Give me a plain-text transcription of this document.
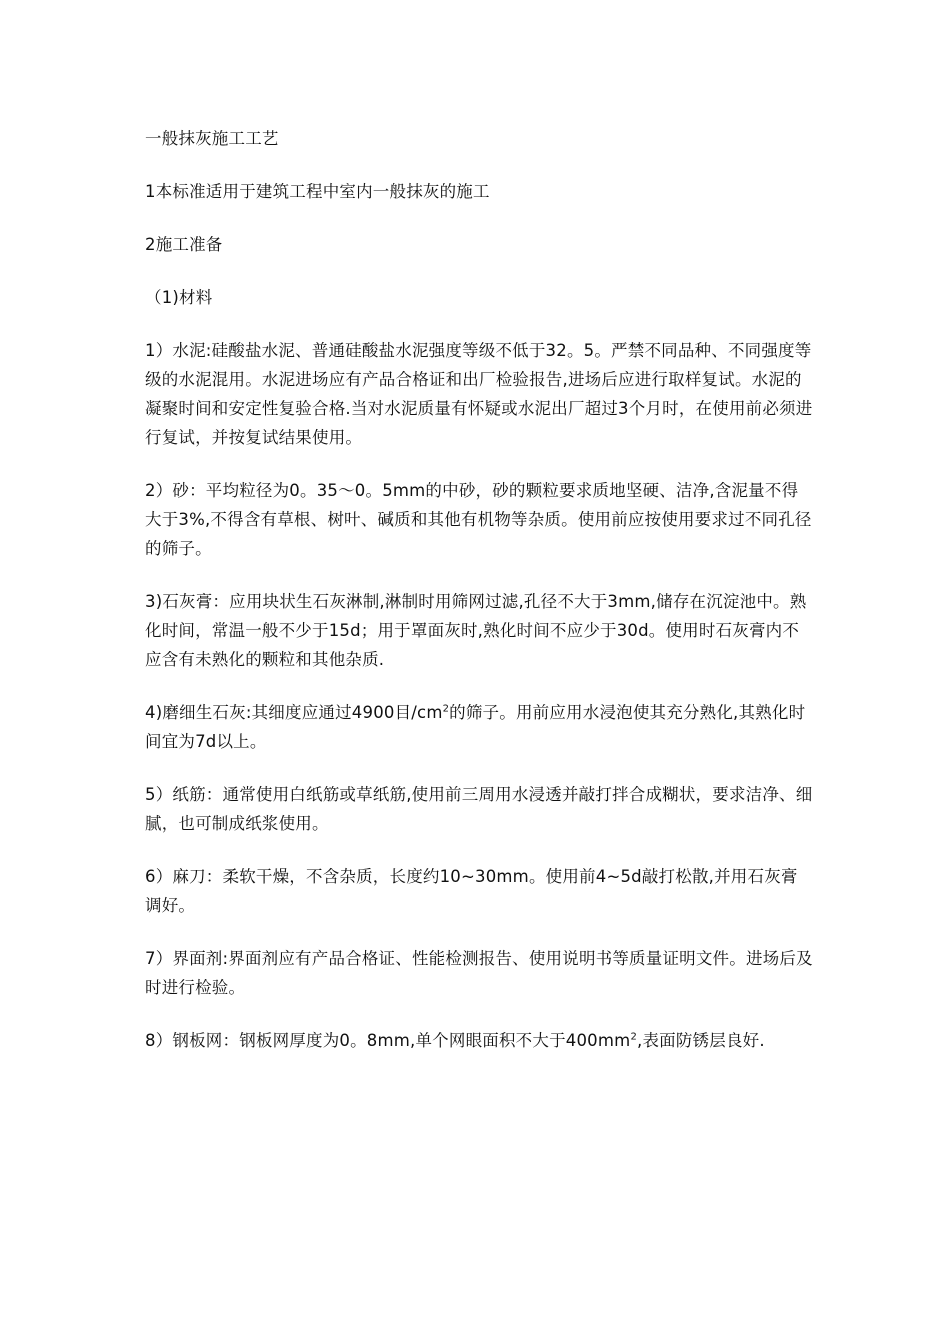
一般抹灰施工工艺

1本标准适用于建筑工程中室内一般抹灰的施工

2施工准备

（1)材料

1）水泥:硅酸盐水泥、普通硅酸盐水泥强度等级不低于32。5。严禁不同品种、不同强度等级的水泥混用。水泥进场应有产品合格证和出厂检验报告,进场后应进行取样复试。水泥的凝聚时间和安定性复验合格.当对水泥质量有怀疑或水泥出厂超过3个月时，在使用前必须进行复试，并按复试结果使用。

2）砂：平均粒径为0。35～0。5mm的中砂，砂的颗粒要求质地坚硬、洁净,含泥量不得大于3%,不得含有草根、树叶、碱质和其他有机物等杂质。使用前应按使用要求过不同孔径的筛子。

3)石灰膏：应用块状生石灰淋制,淋制时用筛网过滤,孔径不大于3mm,储存在沉淀池中。熟化时间，常温一般不少于15d；用于罩面灰时,熟化时间不应少于30d。使用时石灰膏内不应含有未熟化的颗粒和其他杂质.

4)磨细生石灰:其细度应通过4900目$/cm^2$的筛子。用前应用水浸泡使其充分熟化,其熟化时间宜为7d以上。

5）纸筋：通常使用白纸筋或草纸筋,使用前三周用水浸透并敲打拌合成糊状，要求洁净、细腻，也可制成纸浆使用。

6）麻刀：柔软干燥，不含杂质，长度约10~30mm。使用前4~5d敲打松散,并用石灰膏调好。

7）界面剂:界面剂应有产品合格证、性能检测报告、使用说明书等质量证明文件。进场后及时进行检验。

8）钢板网：钢板网厚度为0。8mm,单个网眼面积不大于$400mm^2$,表面防锈层良好.
